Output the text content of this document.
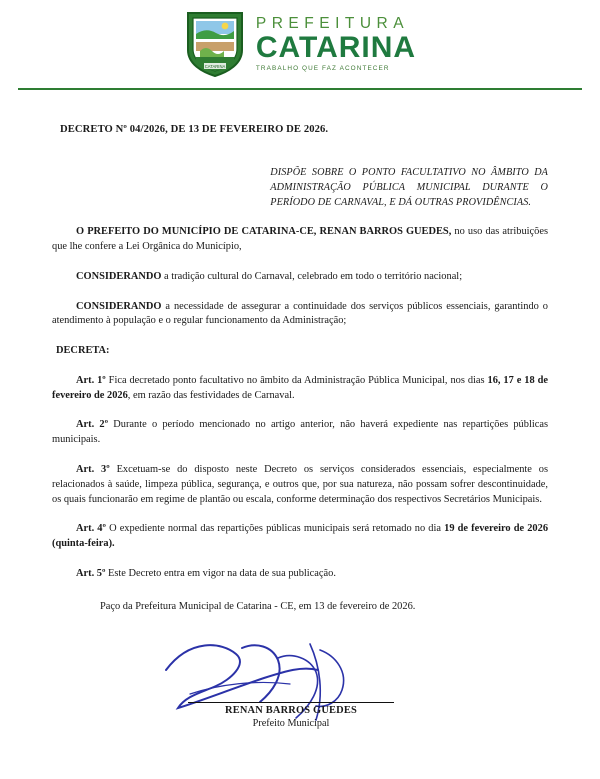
CATARINA
PREFEITURA
CATARINA
TRABALHO QUE FAZ ACONTECER
DECRETO Nº 04/2026, DE 13 DE FEVEREIRO DE 2026.
DISPÕE SOBRE O PONTO FACULTATIVO NO ÂMBITO DA ADMINISTRAÇÃO PÚBLICA MUNICIPAL DURANTE O PERÍODO DE CARNAVAL, E DÁ OUTRAS PROVIDÊNCIAS.

O PREFEITO DO MUNICÍPIO DE CATARINA-CE, RENAN BARROS GUEDES, no uso das atribuições que lhe confere a Lei Orgânica do Município,

CONSIDERANDO a tradição cultural do Carnaval, celebrado em todo o território nacional;

CONSIDERANDO a necessidade de assegurar a continuidade dos serviços públicos essenciais, garantindo o atendimento à população e o regular funcionamento da Administração;

DECRETA:

Art. 1º Fica decretado ponto facultativo no âmbito da Administração Pública Municipal, nos dias 16, 17 e 18 de fevereiro de 2026, em razão das festividades de Carnaval.

Art. 2º Durante o período mencionado no artigo anterior, não haverá expediente nas repartições públicas municipais.

Art. 3º Excetuam-se do disposto neste Decreto os serviços considerados essenciais, especialmente os relacionados à saúde, limpeza pública, segurança, e outros que, por sua natureza, não possam sofrer descontinuidade, os quais funcionarão em regime de plantão ou escala, conforme determinação dos respectivos Secretários Municipais.

Art. 4º O expediente normal das repartições públicas municipais será retomado no dia 19 de fevereiro de 2026 (quinta-feira).

Art. 5º Este Decreto entra em vigor na data de sua publicação.

Paço da Prefeitura Municipal de Catarina - CE, em 13 de fevereiro de 2026.

RENAN BARROS GUEDES
Prefeito Municipal
